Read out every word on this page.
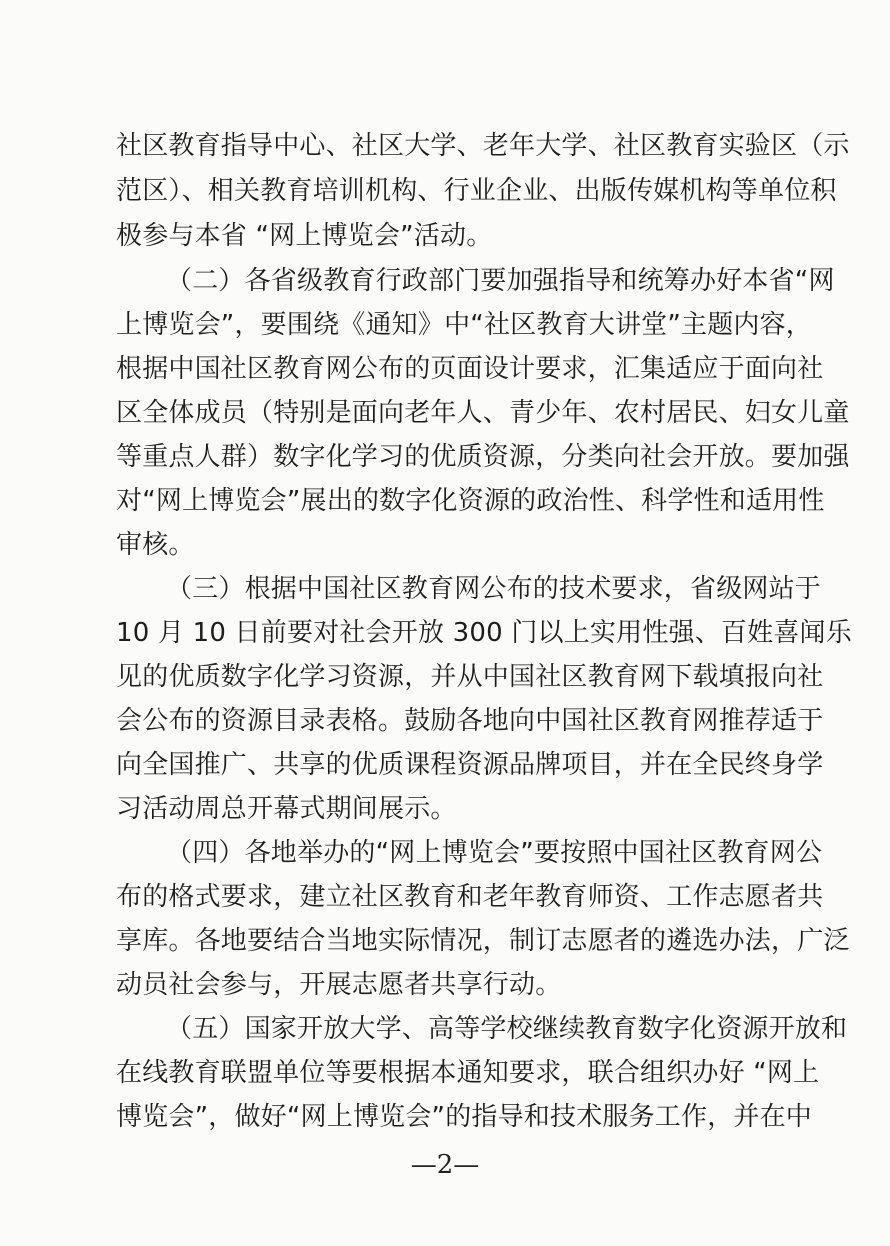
社区教育指导中心、社区大学、老年大学、社区教育实验区（示
范区）、相关教育培训机构、行业企业、出版传媒机构等单位积
极参与本省 “网上博览会”活动。
（二）各省级教育行政部门要加强指导和统筹办好本省“网
上博览会”，要围绕《通知》中“社区教育大讲堂”主题内容，
根据中国社区教育网公布的页面设计要求，汇集适应于面向社
区全体成员（特别是面向老年人、青少年、农村居民、妇女儿童
等重点人群）数字化学习的优质资源，分类向社会开放。要加强
对“网上博览会”展出的数字化资源的政治性、科学性和适用性
审核。
（三）根据中国社区教育网公布的技术要求，省级网站于
10 月 10 日前要对社会开放 300 门以上实用性强、百姓喜闻乐
见的优质数字化学习资源，并从中国社区教育网下载填报向社
会公布的资源目录表格。鼓励各地向中国社区教育网推荐适于
向全国推广、共享的优质课程资源品牌项目，并在全民终身学
习活动周总开幕式期间展示。
（四）各地举办的“网上博览会”要按照中国社区教育网公
布的格式要求，建立社区教育和老年教育师资、工作志愿者共
享库。各地要结合当地实际情况，制订志愿者的遴选办法，广泛
动员社会参与，开展志愿者共享行动。
（五）国家开放大学、高等学校继续教育数字化资源开放和
在线教育联盟单位等要根据本通知要求，联合组织办好 “网上
博览会”，做好“网上博览会”的指导和技术服务工作，并在中
—2—
